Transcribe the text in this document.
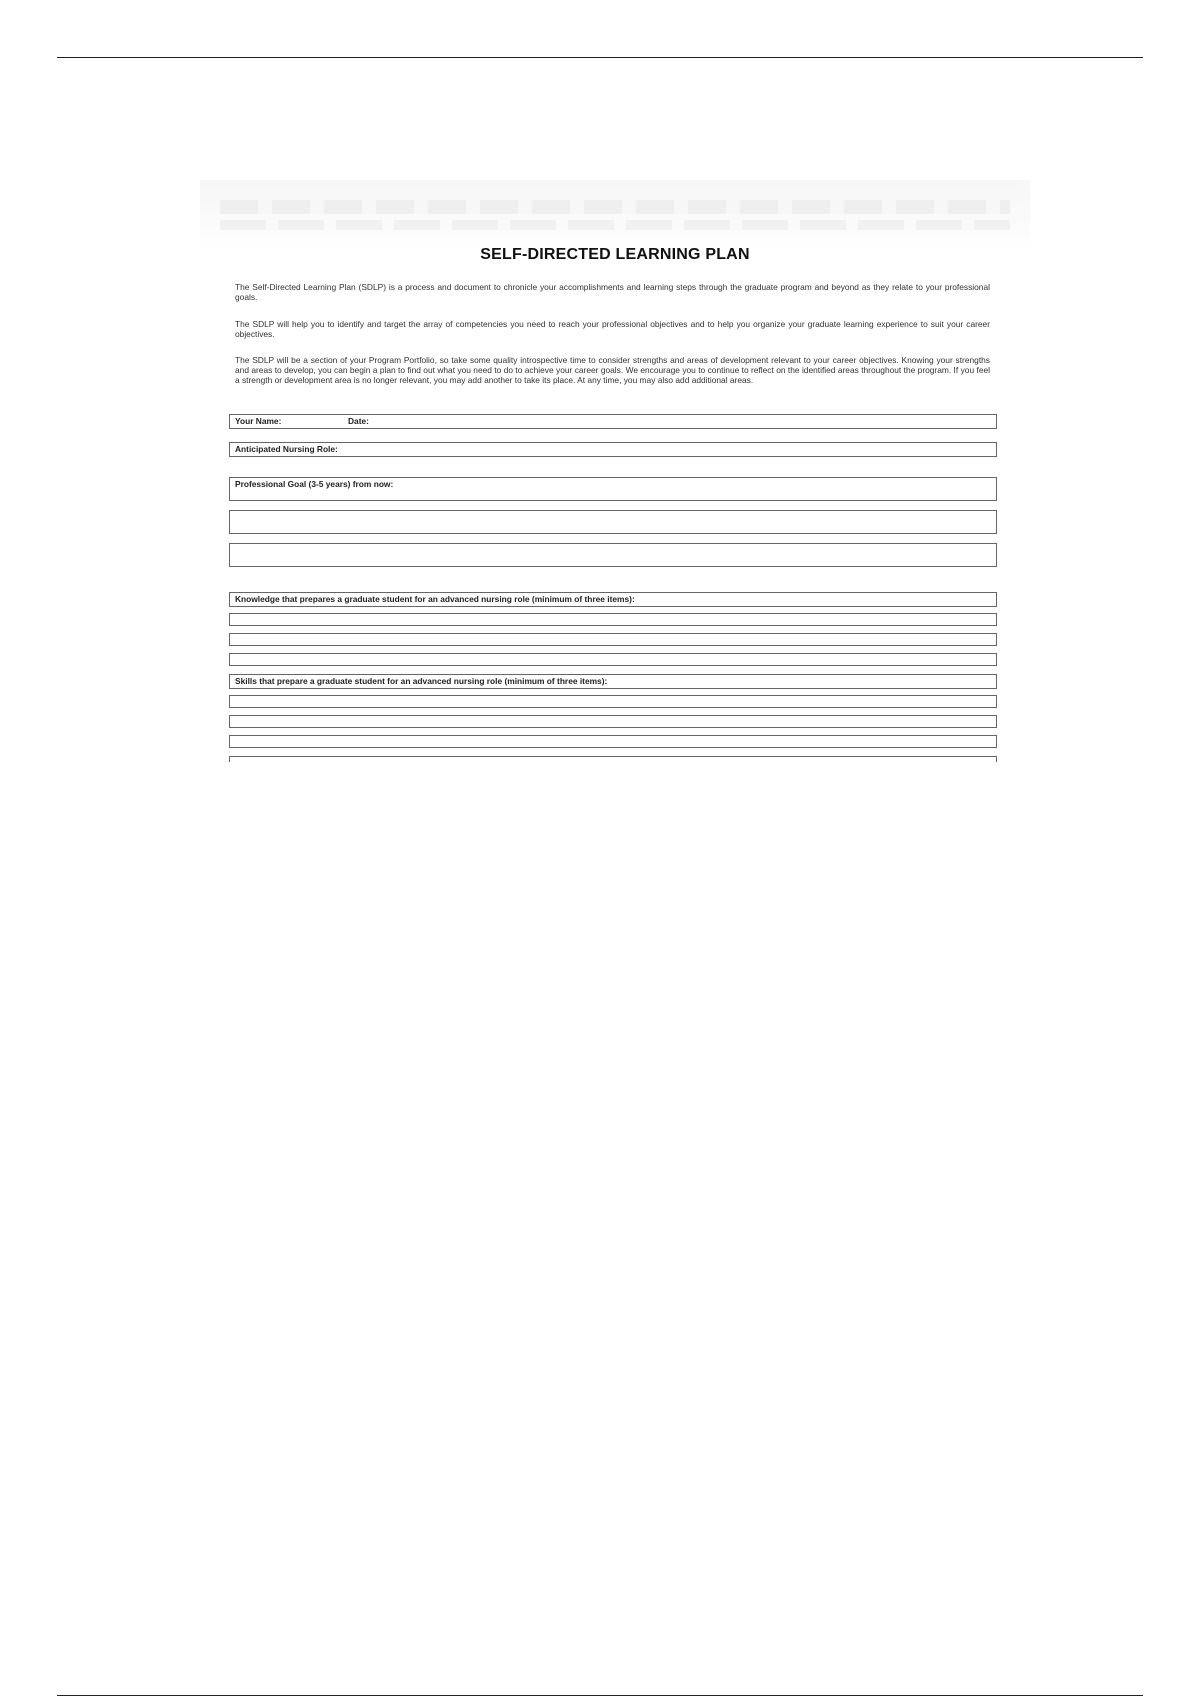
SELF-DIRECTED LEARNING PLAN
The Self-Directed Learning Plan (SDLP) is a process and document to chronicle your accomplishments and learning steps through the graduate program and beyond as they relate to your professional goals.
The SDLP will help you to identify and target the array of competencies you need to reach your professional objectives and to help you organize your graduate learning experience to suit your career objectives.
The SDLP will be a section of your Program Portfolio, so take some quality introspective time to consider strengths and areas of development relevant to your career objectives. Knowing your strengths and areas to develop, you can begin a plan to find out what you need to do to achieve your career goals. We encourage you to continue to reflect on the identified areas throughout the program. If you feel a strength or development area is no longer relevant, you may add another to take its place. At any time, you may also add additional areas.
Your Name:	Date:
Anticipated Nursing Role:
Professional Goal (3-5 years) from now:
Knowledge that prepares a graduate student for an advanced nursing role (minimum of three items):
Skills that prepare a graduate student for an advanced nursing role (minimum of three items):
